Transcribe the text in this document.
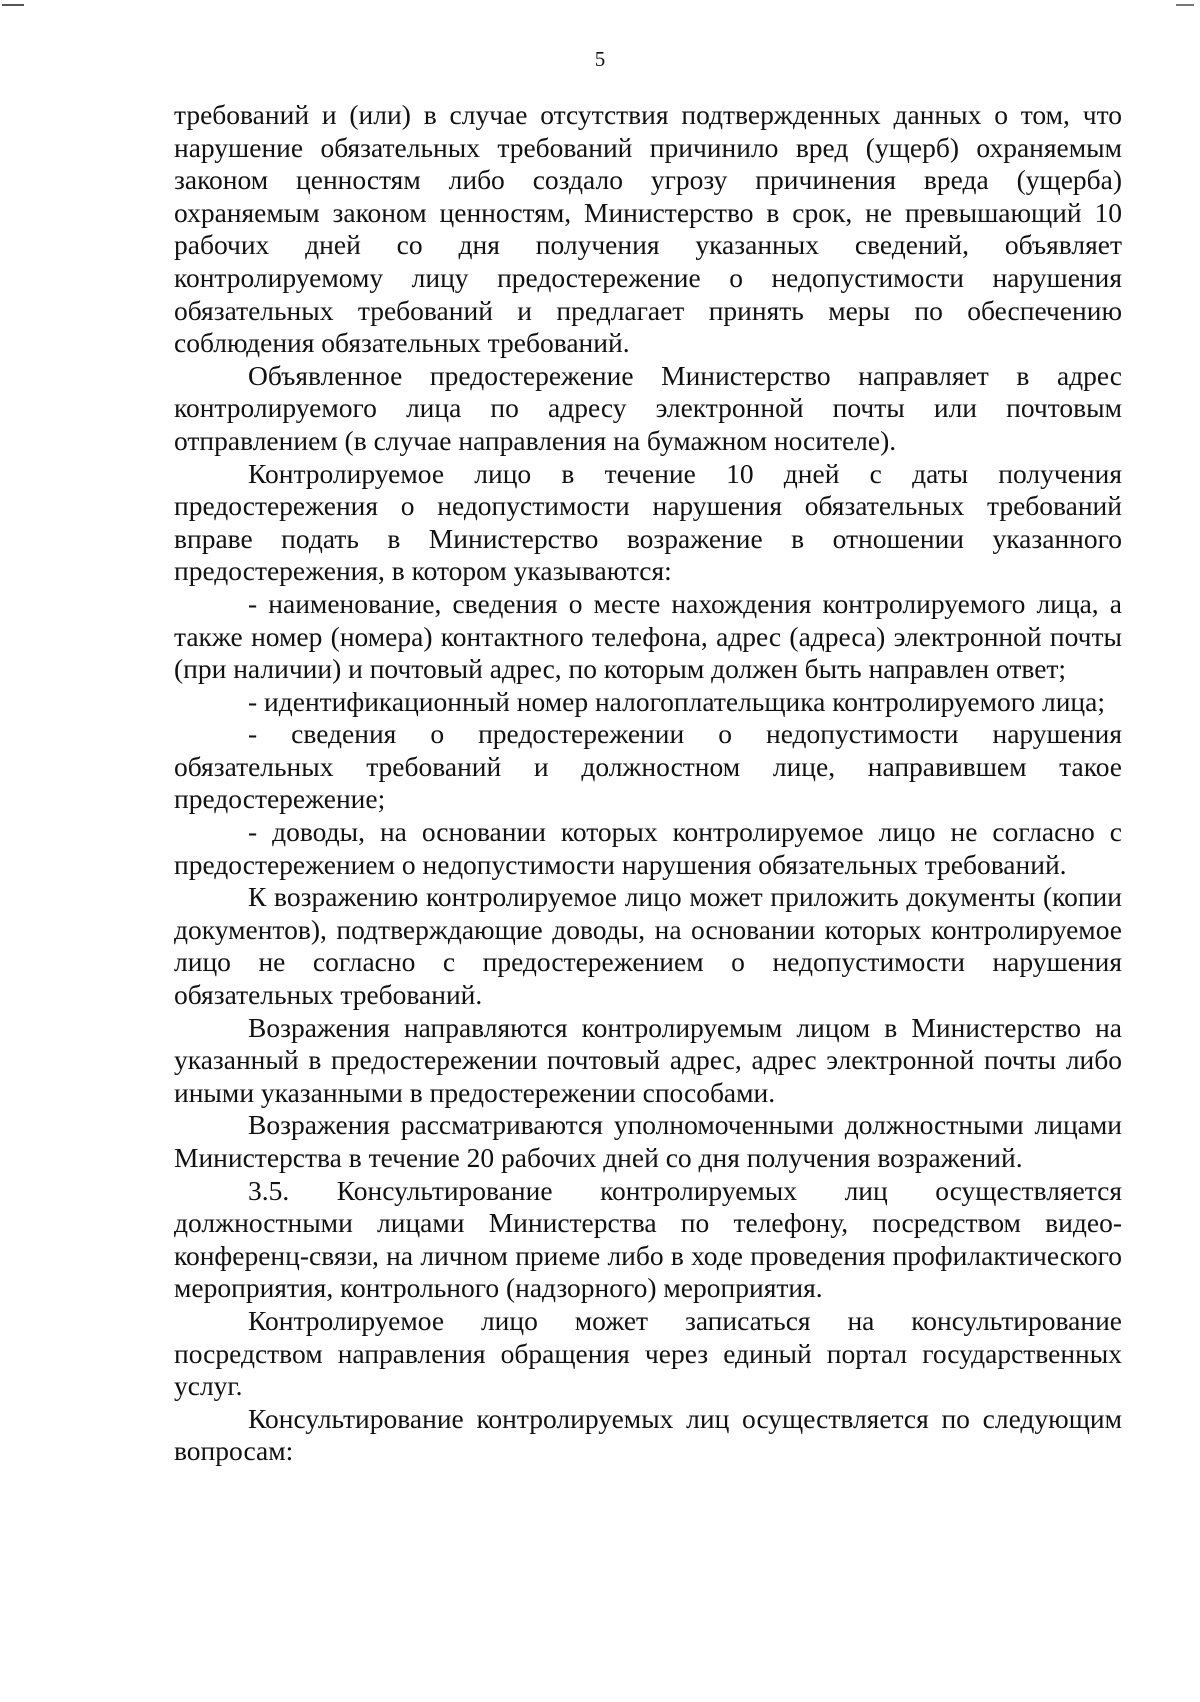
5

требований и (или) в случае отсутствия подтвержденных данных о том, что нарушение обязательных требований причинило вред (ущерб) охраняемым законом ценностям либо создало угрозу причинения вреда (ущерба) охраняемым законом ценностям, Министерство в срок, не превышающий 10 рабочих дней со дня получения указанных сведений, объявляет контролируемому лицу предостережение о недопустимости нарушения обязательных требований и предлагает принять меры по обеспечению соблюдения обязательных требований.

Объявленное предостережение Министерство направляет в адрес контролируемого лица по адресу электронной почты или почтовым отправлением (в случае направления на бумажном носителе).

Контролируемое лицо в течение 10 дней с даты получения предостережения о недопустимости нарушения обязательных требований вправе подать в Министерство возражение в отношении указанного предостережения, в котором указываются:

- наименование, сведения о месте нахождения контролируемого лица, а также номер (номера) контактного телефона, адрес (адреса) электронной почты (при наличии) и почтовый адрес, по которым должен быть направлен ответ;

- идентификационный номер налогоплательщика контролируемого лица;

- сведения о предостережении о недопустимости нарушения обязательных требований и должностном лице, направившем такое предостережение;

- доводы, на основании которых контролируемое лицо не согласно с предостережением о недопустимости нарушения обязательных требований.

К возражению контролируемое лицо может приложить документы (копии документов), подтверждающие доводы, на основании которых контролируемое лицо не согласно с предостережением о недопустимости нарушения обязательных требований.

Возражения направляются контролируемым лицом в Министерство на указанный в предостережении почтовый адрес, адрес электронной почты либо иными указанными в предостережении способами.

Возражения рассматриваются уполномоченными должностными лицами Министерства в течение 20 рабочих дней со дня получения возражений.

3.5. Консультирование контролируемых лиц осуществляется должностными лицами Министерства по телефону, посредством видео-конференц-связи, на личном приеме либо в ходе проведения профилактического мероприятия, контрольного (надзорного) мероприятия.

Контролируемое лицо может записаться на консультирование посредством направления обращения через единый портал государственных услуг.

Консультирование контролируемых лиц осуществляется по следующим вопросам:
